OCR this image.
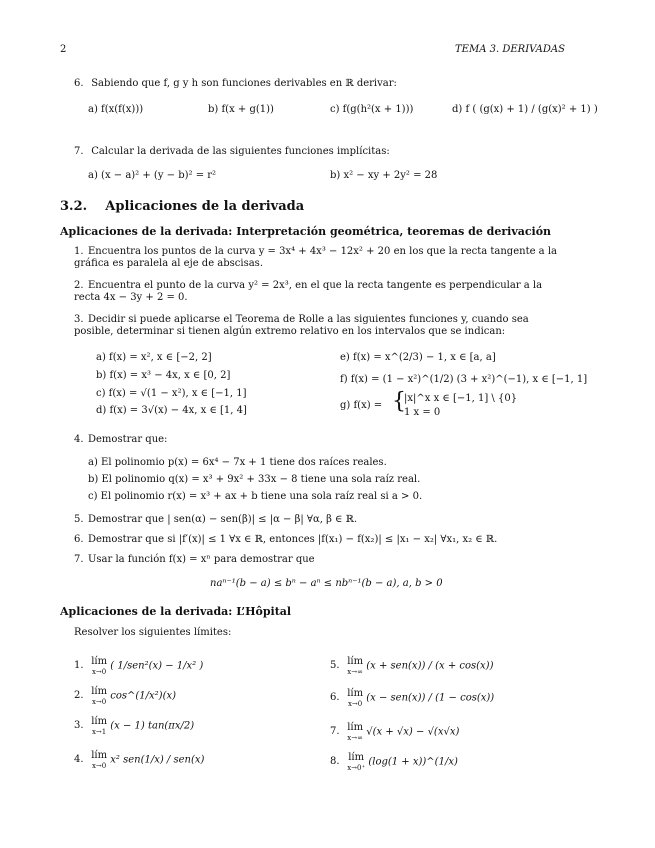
2	TEMA 3. DERIVADAS
6. Sabiendo que f, g y h son funciones derivables en ℝ derivar:
a) f(x(f(x)))	b) f(x + g(1))	c) f(g(h²(x + 1)))	d) f ( (g(x) + 1) / (g(x)² + 1) )
7. Calcular la derivada de las siguientes funciones implícitas:
a) (x − a)² + (y − b)² = r²	b) x² − xy + 2y² = 28
3.2. Aplicaciones de la derivada
Aplicaciones de la derivada: Interpretación geométrica, teoremas de derivación
1. Encuentra los puntos de la curva y = 3x⁴ + 4x³ − 12x² + 20 en los que la recta tangente a la gráfica es paralela al eje de abscisas.
2. Encuentra el punto de la curva y² = 2x³, en el que la recta tangente es perpendicular a la recta 4x − 3y + 2 = 0.
3. Decidir si puede aplicarse el Teorema de Rolle a las siguientes funciones y, cuando sea posible, determinar si tienen algún extremo relativo en los intervalos que se indican:
a) f(x) = x², x ∈ [−2, 2]
b) f(x) = x³ − 4x, x ∈ [0, 2]
c) f(x) = √(1 − x²), x ∈ [−1, 1]
d) f(x) = 3√(x) − 4x, x ∈ [1, 4]
e) f(x) = x^(2/3) − 1, x ∈ [a, a]
f) f(x) = (1 − x²)^(1/2) (3 + x²)^(−1), x ∈ [−1, 1]
g) f(x) = {
|x|^x x ∈ [−1, 1] \ {0}
1 x = 0
4. Demostrar que:
a) El polinomio p(x) = 6x⁴ − 7x + 1 tiene dos raíces reales.
b) El polinomio q(x) = x³ + 9x² + 33x − 8 tiene una sola raíz real.
c) El polinomio r(x) = x³ + ax + b tiene una sola raíz real si a > 0.
5. Demostrar que | sen(α) − sen(β)| ≤ |α − β| ∀α, β ∈ ℝ.
6. Demostrar que si |f′(x)| ≤ 1 ∀x ∈ ℝ, entonces |f(x₁) − f(x₂)| ≤ |x₁ − x₂| ∀x₁, x₂ ∈ ℝ.
7. Usar la función f(x) = xⁿ para demostrar que
naⁿ⁻¹(b − a) ≤ bⁿ − aⁿ ≤ nbⁿ⁻¹(b − a), a, b > 0
Aplicaciones de la derivada: L’Hôpital
Resolver los siguientes límites:
1. lím
x→0
( 1/sen²(x) − 1/x² )
2. lím
x→0
cos^(1/x²)(x)
3. lím
x→1
(x − 1) tan(πx/2)
4. lím
x→0
x² sen(1/x) / sen(x)
5. lím
x→∞
(x + sen(x)) / (x + cos(x))
6. lím
x→0
(x − sen(x)) / (1 − cos(x))
7. lím
x→∞
√(x + √x) − √(x√x)
8. lím
x→0⁺
(log(1 + x))^(1/x)
